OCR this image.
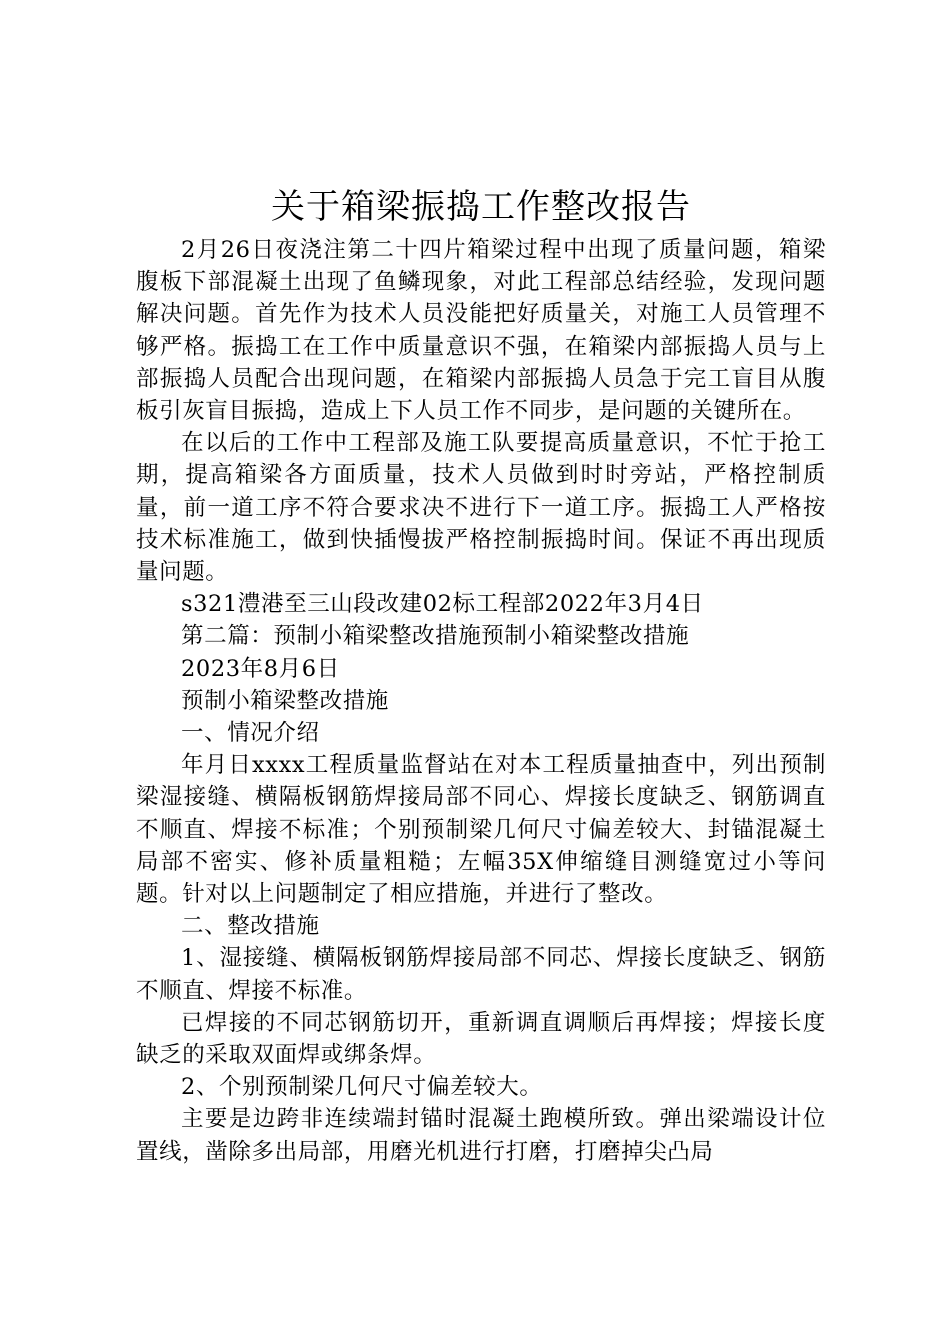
关于箱梁振捣工作整改报告

2月26日夜浇注第二十四片箱梁过程中出现了质量问题，箱梁腹板下部混凝土出现了鱼鳞现象，对此工程部总结经验，发现问题解决问题。首先作为技术人员没能把好质量关，对施工人员管理不够严格。振捣工在工作中质量意识不强，在箱梁内部振捣人员与上部振捣人员配合出现问题，在箱梁内部振捣人员急于完工盲目从腹板引灰盲目振捣，造成上下人员工作不同步，是问题的关键所在。

在以后的工作中工程部及施工队要提高质量意识，不忙于抢工期，提高箱梁各方面质量，技术人员做到时时旁站，严格控制质量，前一道工序不符合要求决不进行下一道工序。振捣工人严格按技术标准施工，做到快插慢拔严格控制振捣时间。保证不再出现质量问题。

s321澧港至三山段改建02标工程部2022年3月4日

第二篇：预制小箱梁整改措施预制小箱梁整改措施

2023年8月6日

预制小箱梁整改措施

一、情况介绍

年月日xxxx工程质量监督站在对本工程质量抽查中，列出预制梁湿接缝、横隔板钢筋焊接局部不同心、焊接长度缺乏、钢筋调直不顺直、焊接不标准；个别预制梁几何尺寸偏差较大、封锚混凝土局部不密实、修补质量粗糙；左幅35X伸缩缝目测缝宽过小等问题。针对以上问题制定了相应措施，并进行了整改。

二、整改措施

1、湿接缝、横隔板钢筋焊接局部不同芯、焊接长度缺乏、钢筋不顺直、焊接不标准。

已焊接的不同芯钢筋切开，重新调直调顺后再焊接；焊接长度缺乏的采取双面焊或绑条焊。

2、个别预制梁几何尺寸偏差较大。

主要是边跨非连续端封锚时混凝土跑模所致。弹出梁端设计位置线，凿除多出局部，用磨光机进行打磨，打磨掉尖凸局
